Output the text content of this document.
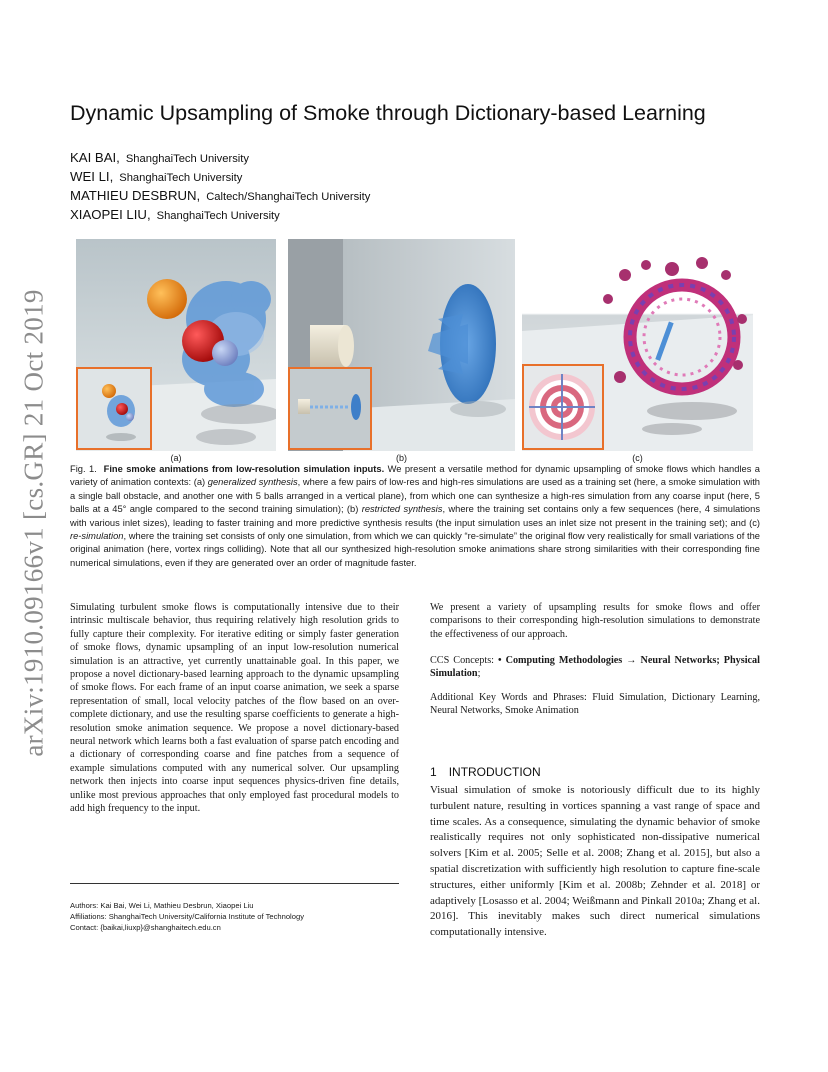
arXiv:1910.09166v1 [cs.GR] 21 Oct 2019
Dynamic Upsampling of Smoke through Dictionary-based Learning
KAI BAI, ShanghaiTech University
WEI LI, ShanghaiTech University
MATHIEU DESBRUN, Caltech/ShanghaiTech University
XIAOPEI LIU, ShanghaiTech University
(a)	(b)	(c)
Fig. 1. Fine smoke animations from low-resolution simulation inputs. We present a versatile method for dynamic upsampling of smoke flows which handles a variety of animation contexts: (a) generalized synthesis, where a few pairs of low-res and high-res simulations are used as a training set (here, a smoke simulation with a single ball obstacle, and another one with 5 balls arranged in a vertical plane), from which one can synthesize a high-res simulation from any coarse input (here, 5 balls at a 45° angle compared to the second training simulation); (b) restricted synthesis, where the training set contains only a few sequences (here, 4 simulations with various inlet sizes), leading to faster training and more predictive synthesis results (the input simulation uses an inlet size not present in the training set); and (c) re-simulation, where the training set consists of only one simulation, from which we can quickly “re-simulate” the original flow very realistically for small variations of the original animation (here, vortex rings colliding). Note that all our synthesized high-resolution smoke animations share strong similarities with their corresponding fine numerical simulations, even if they are generated over an order of magnitude faster.
Simulating turbulent smoke flows is computationally intensive due to their intrinsic multiscale behavior, thus requiring relatively high resolution grids to fully capture their complexity. For iterative editing or simply faster generation of smoke flows, dynamic upsampling of an input low-resolution numerical simulation is an attractive, yet currently unattainable goal. In this paper, we propose a novel dictionary-based learning approach to the dynamic upsampling of smoke flows. For each frame of an input coarse animation, we seek a sparse representation of small, local velocity patches of the flow based on an over-complete dictionary, and use the resulting sparse coefficients to generate a high-resolution smoke animation sequence. We propose a novel dictionary-based neural network which learns both a fast evaluation of sparse patch encoding and a dictionary of corresponding coarse and fine patches from a sequence of example simulations computed with any numerical solver. Our upsampling network then injects into coarse input sequences physics-driven fine details, unlike most previous approaches that only employed fast procedural models to add high frequency to the input.
We present a variety of upsampling results for smoke flows and offer comparisons to their corresponding high-resolution simulations to demonstrate the effectiveness of our approach.
CCS Concepts: • Computing Methodologies → Neural Networks; Physical Simulation;
Additional Key Words and Phrases: Fluid Simulation, Dictionary Learning, Neural Networks, Smoke Animation
1 INTRODUCTION
Visual simulation of smoke is notoriously difficult due to its highly turbulent nature, resulting in vortices spanning a vast range of space and time scales. As a consequence, simulating the dynamic behavior of smoke realistically requires not only sophisticated non-dissipative numerical solvers [Kim et al. 2005; Selle et al. 2008; Zhang et al. 2015], but also a spatial discretization with sufficiently high resolution to capture fine-scale structures, either uniformly [Kim et al. 2008b; Zehnder et al. 2018] or adaptively [Losasso et al. 2004; Weißmann and Pinkall 2010a; Zhang et al. 2016]. This inevitably makes such direct numerical simulations computationally intensive.
Authors: Kai Bai, Wei Li, Mathieu Desbrun, Xiaopei Liu
Affiliations: ShanghaiTech University/California Institute of Technology
Contact: {baikai,liuxp}@shanghaitech.edu.cn
